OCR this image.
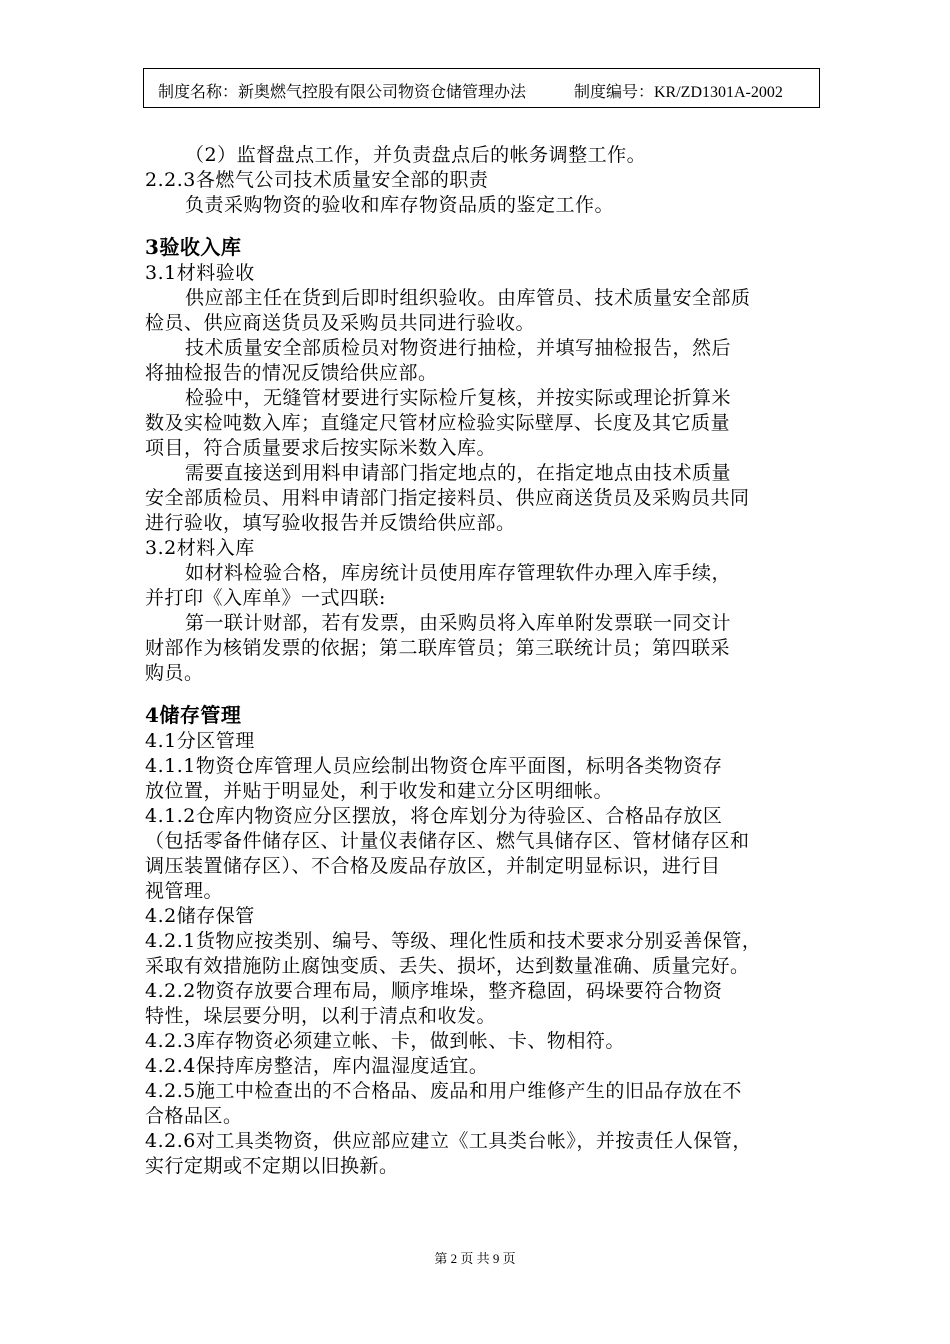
制度名称：新奥燃气控股有限公司物资仓储管理办法	制度编号：KR/ZD1301A-2002
（2）监督盘点工作，并负责盘点后的帐务调整工作。
2.2.3各燃气公司技术质量安全部的职责
负责采购物资的验收和库存物资品质的鉴定工作。
3验收入库
3.1材料验收
供应部主任在货到后即时组织验收。由库管员、技术质量安全部质
检员、供应商送货员及采购员共同进行验收。
技术质量安全部质检员对物资进行抽检，并填写抽检报告，然后
将抽检报告的情况反馈给供应部。
检验中，无缝管材要进行实际检斤复核，并按实际或理论折算米
数及实检吨数入库；直缝定尺管材应检验实际壁厚、长度及其它质量
项目，符合质量要求后按实际米数入库。
需要直接送到用料申请部门指定地点的，在指定地点由技术质量
安全部质检员、用料申请部门指定接料员、供应商送货员及采购员共同
进行验收，填写验收报告并反馈给供应部。
3.2材料入库
如材料检验合格，库房统计员使用库存管理软件办理入库手续，
并打印《入库单》一式四联:
第一联计财部，若有发票，由采购员将入库单附发票联一同交计
财部作为核销发票的依据；第二联库管员；第三联统计员；第四联采
购员。
4储存管理
4.1分区管理
4.1.1物资仓库管理人员应绘制出物资仓库平面图，标明各类物资存
放位置，并贴于明显处，利于收发和建立分区明细帐。
4.1.2仓库内物资应分区摆放，将仓库划分为待验区、合格品存放区
（包括零备件储存区、计量仪表储存区、燃气具储存区、管材储存区和
调压装置储存区）、不合格及废品存放区，并制定明显标识，进行目
视管理。
4.2储存保管
4.2.1货物应按类别、编号、等级、理化性质和技术要求分别妥善保管，
采取有效措施防止腐蚀变质、丢失、损坏，达到数量准确、质量完好。
4.2.2物资存放要合理布局，顺序堆垛，整齐稳固，码垛要符合物资
特性，垛层要分明，以利于清点和收发。
4.2.3库存物资必须建立帐、卡，做到帐、卡、物相符。
4.2.4保持库房整洁，库内温湿度适宜。
4.2.5施工中检查出的不合格品、废品和用户维修产生的旧品存放在不
合格品区。
4.2.6对工具类物资，供应部应建立《工具类台帐》，并按责任人保管，
实行定期或不定期以旧换新。
第 2 页 共 9 页
